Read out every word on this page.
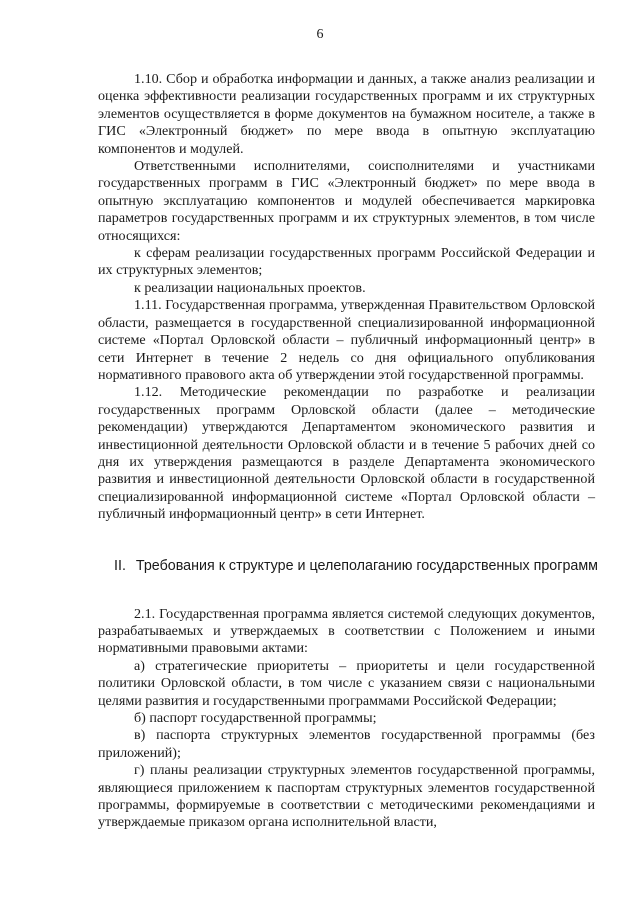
6

1.10. Сбор и обработка информации и данных, а также анализ реализации и оценка эффективности реализации государственных программ и их структурных элементов осуществляется в форме документов на бумажном носителе, а также в ГИС «Электронный бюджет» по мере ввода в опытную эксплуатацию компонентов и модулей.

Ответственными исполнителями, соисполнителями и участниками государственных программ в ГИС «Электронный бюджет» по мере ввода в опытную эксплуатацию компонентов и модулей обеспечивается маркировка параметров государственных программ и их структурных элементов, в том числе относящихся:

к сферам реализации государственных программ Российской Федерации и их структурных элементов;

к реализации национальных проектов.

1.11. Государственная программа, утвержденная Правительством Орловской области, размещается в государственной специализированной информационной системе «Портал Орловской области – публичный информационный центр» в сети Интернет в течение 2 недель со дня официального опубликования нормативного правового акта об утверждении этой государственной программы.

1.12. Методические рекомендации по разработке и реализации государственных программ Орловской области (далее – методические рекомендации) утверждаются Департаментом экономического развития и инвестиционной деятельности Орловской области и в течение 5 рабочих дней со дня их утверждения размещаются в разделе Департамента экономического развития и инвестиционной деятельности Орловской области в государственной специализированной информационной системе «Портал Орловской области – публичный информационный центр» в сети Интернет.

II. Требования к структуре и целеполаганию государственных программ

2.1. Государственная программа является системой следующих документов, разрабатываемых и утверждаемых в соответствии с Положением и иными нормативными правовыми актами:

а) стратегические приоритеты – приоритеты и цели государственной политики Орловской области, в том числе с указанием связи с национальными целями развития и государственными программами Российской Федерации;

б) паспорт государственной программы;

в) паспорта структурных элементов государственной программы (без приложений);

г) планы реализации структурных элементов государственной программы, являющиеся приложением к паспортам структурных элементов государственной программы, формируемые в соответствии с методическими рекомендациями и утверждаемые приказом органа исполнительной власти,
